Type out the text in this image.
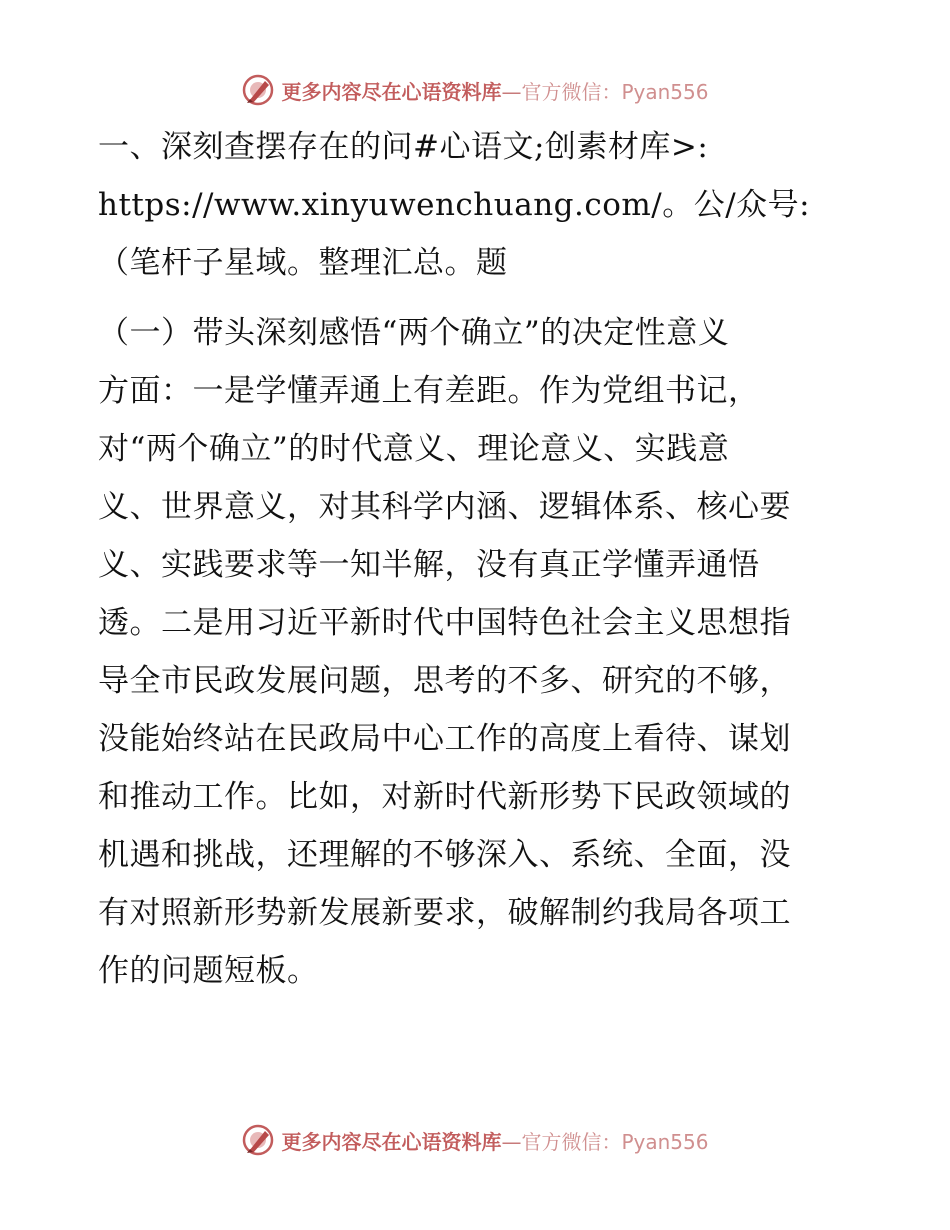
更多内容尽在心语资料库—官方微信：Pyan556
一、深刻查摆存在的问#心语文;创素材库>:
https://www.xinyuwenchuang.com/。公/众号:
（笔杆子星域。整理汇总。题
（一）带头深刻感悟“两个确立”的决定性意义
方面：一是学懂弄通上有差距。作为党组书记，
对“两个确立”的时代意义、理论意义、实践意
义、世界意义，对其科学内涵、逻辑体系、核心要
义、实践要求等一知半解，没有真正学懂弄通悟
透。二是用习近平新时代中国特色社会主义思想指
导全市民政发展问题，思考的不多、研究的不够，
没能始终站在民政局中心工作的高度上看待、谋划
和推动工作。比如，对新时代新形势下民政领域的
机遇和挑战，还理解的不够深入、系统、全面，没
有对照新形势新发展新要求，破解制约我局各项工
作的问题短板。
更多内容尽在心语资料库—官方微信：Pyan556
